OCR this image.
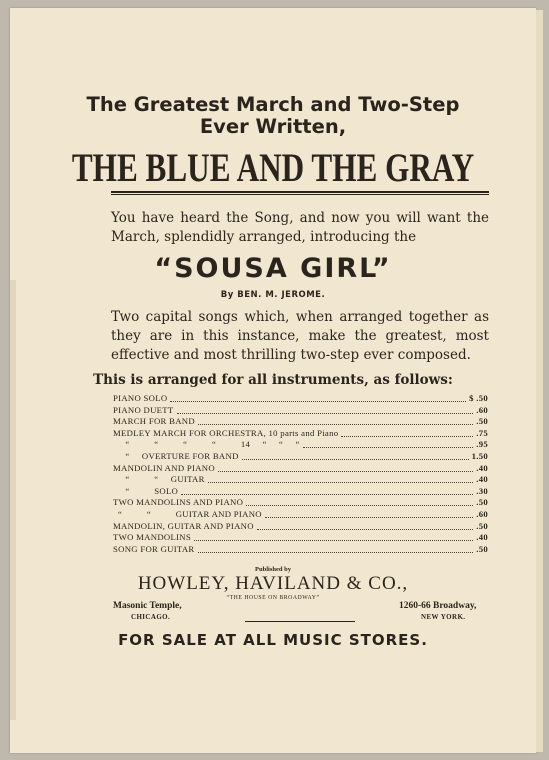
The Greatest March and Two-Step
Ever Written,
THE BLUE AND THE GRAY
You have heard the Song, and now you will want the March, splendidly arranged, introducing the
“SOUSA GIRL”
By BEN. M. JEROME.
Two capital songs which, when arranged together as they are in this instance, make the greatest, most effective and most thrilling two-step ever composed.
This is arranged for all instruments, as follows:
PIANO SOLO	$ .50
PIANO DUETT	.60
MARCH FOR BAND	.50
MEDLEY MARCH FOR ORCHESTRA, 10 parts and Piano	.75
“          “          “          “          14     “     “     “	.95
“     OVERTURE FOR BAND	1.50
MANDOLIN AND PIANO	.40
“          “     GUITAR	.40
“          SOLO	.30
TWO MANDOLINS AND PIANO	.50
“          “          GUITAR AND PIANO	.60
MANDOLIN, GUITAR AND PIANO	.50
TWO MANDOLINS	.40
SONG FOR GUITAR	.50
Published by
HOWLEY, HAVILAND & CO.,
“THE HOUSE ON BROADWAY”
Masonic Temple,
CHICAGO.
1260-66 Broadway,
NEW YORK.
FOR SALE AT ALL MUSIC STORES.
